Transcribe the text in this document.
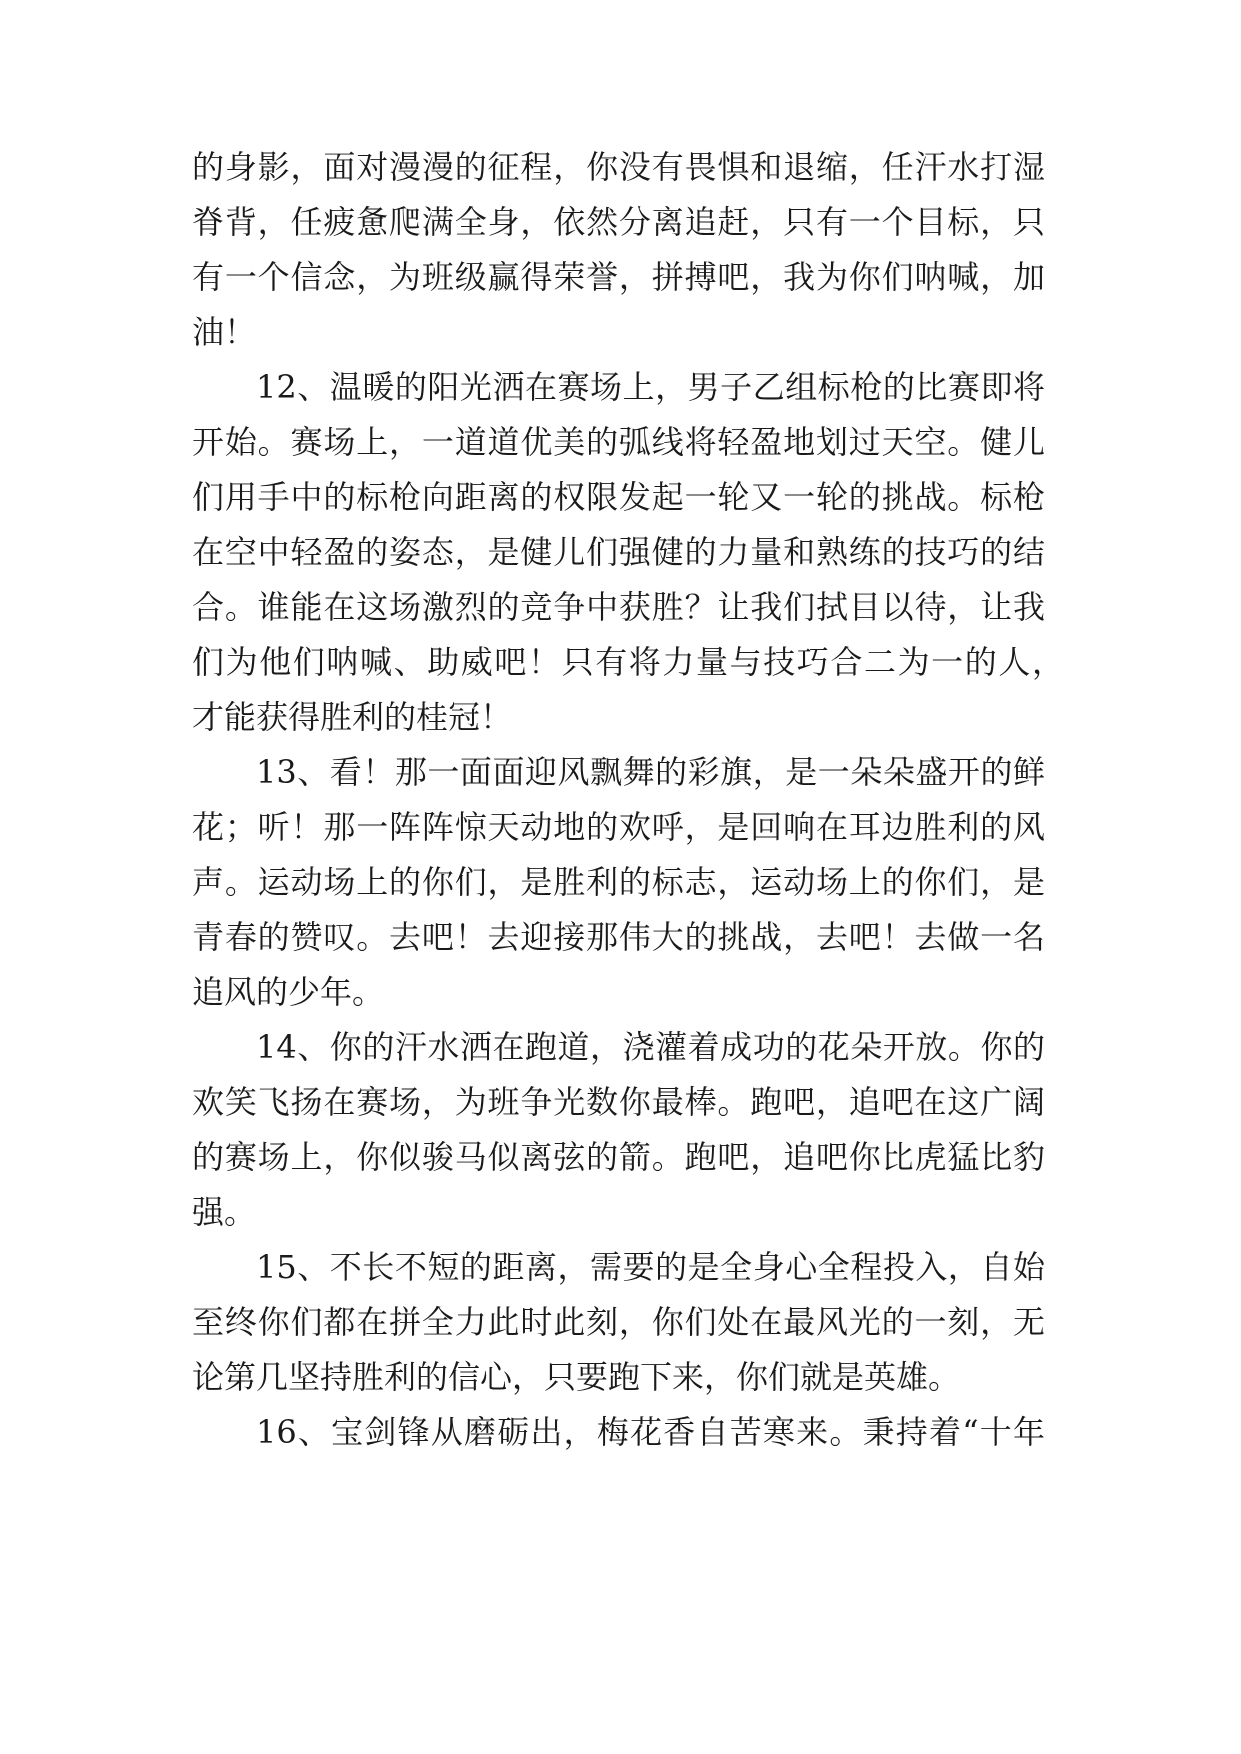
的身影，面对漫漫的征程，你没有畏惧和退缩，任汗水打湿
脊背，任疲惫爬满全身，依然分离追赶，只有一个目标，只
有一个信念，为班级赢得荣誉，拼搏吧，我为你们呐喊，加
油！
12、温暖的阳光洒在赛场上，男子乙组标枪的比赛即将
开始。赛场上，一道道优美的弧线将轻盈地划过天空。健儿
们用手中的标枪向距离的权限发起一轮又一轮的挑战。标枪
在空中轻盈的姿态，是健儿们强健的力量和熟练的技巧的结
合。谁能在这场激烈的竞争中获胜？让我们拭目以待，让我
们为他们呐喊、助威吧！只有将力量与技巧合二为一的人，
才能获得胜利的桂冠！
13、看！那一面面迎风飘舞的彩旗，是一朵朵盛开的鲜
花；听！那一阵阵惊天动地的欢呼，是回响在耳边胜利的风
声。运动场上的你们，是胜利的标志，运动场上的你们，是
青春的赞叹。去吧！去迎接那伟大的挑战，去吧！去做一名
追风的少年。
14、你的汗水洒在跑道，浇灌着成功的花朵开放。你的
欢笑飞扬在赛场，为班争光数你最棒。跑吧，追吧在这广阔
的赛场上，你似骏马似离弦的箭。跑吧，追吧你比虎猛比豹
强。
15、不长不短的距离，需要的是全身心全程投入，自始
至终你们都在拼全力此时此刻，你们处在最风光的一刻，无
论第几坚持胜利的信心，只要跑下来，你们就是英雄。
16、宝剑锋从磨砺出，梅花香自苦寒来。秉持着“十年
